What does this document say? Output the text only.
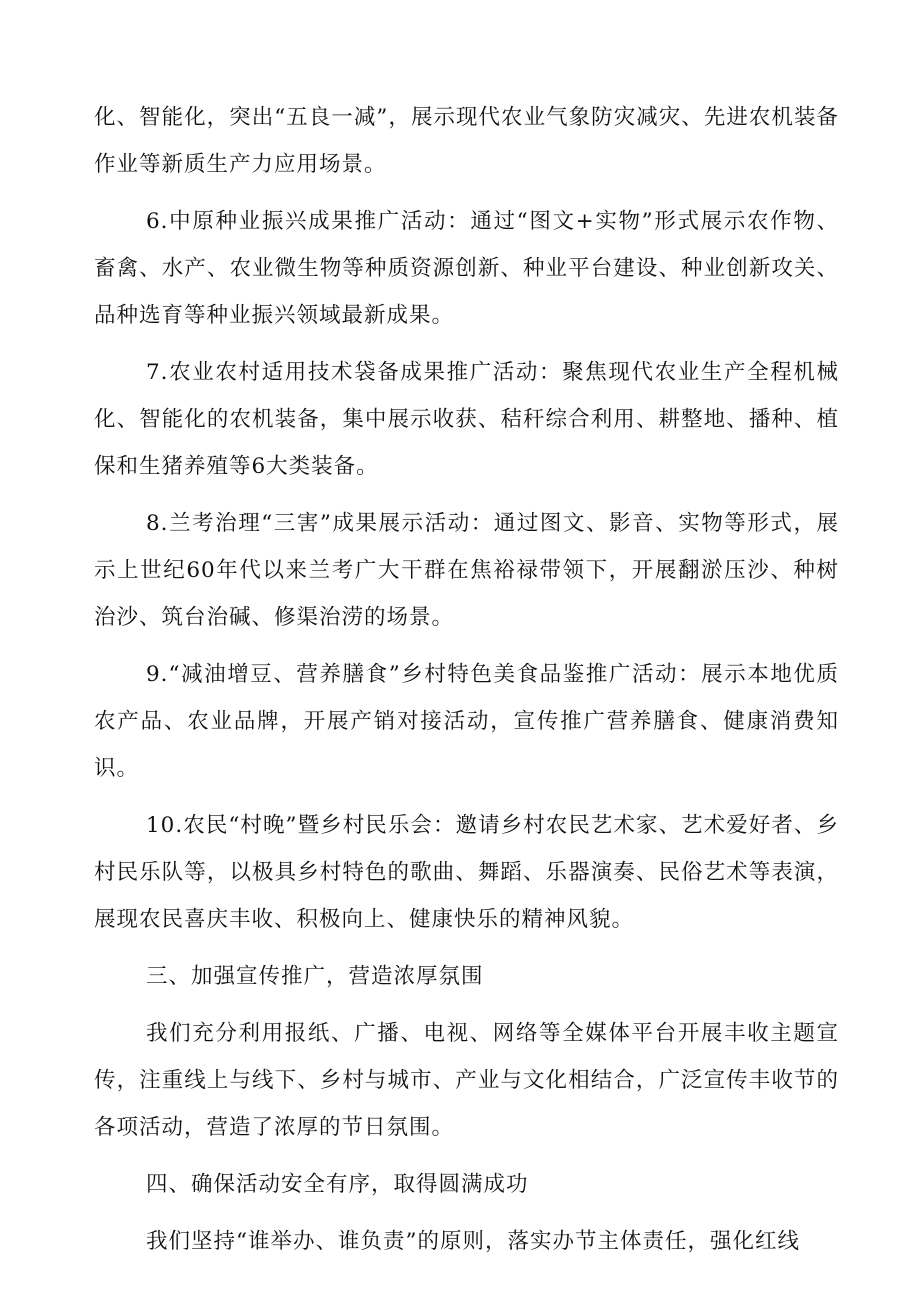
化、智能化，突出“五良一减”，展示现代农业气象防灾减灾、先进农机装备作业等新质生产力应用场景。

6.中原种业振兴成果推广活动：通过“图文+实物”形式展示农作物、畜禽、水产、农业微生物等种质资源创新、种业平台建设、种业创新攻关、品种选育等种业振兴领域最新成果。

7.农业农村适用技术袋备成果推广活动：聚焦现代农业生产全程机械化、智能化的农机装备，集中展示收获、秸秆综合利用、耕整地、播种、植保和生猪养殖等6大类装备。

8.兰考治理“三害”成果展示活动：通过图文、影音、实物等形式，展示上世纪60年代以来兰考广大干群在焦裕禄带领下，开展翻淤压沙、种树治沙、筑台治碱、修渠治涝的场景。

9.“减油增豆、营养膳食”乡村特色美食品鉴推广活动：展示本地优质农产品、农业品牌，开展产销对接活动，宣传推广营养膳食、健康消费知识。

10.农民“村晚”暨乡村民乐会：邀请乡村农民艺术家、艺术爱好者、乡村民乐队等，以极具乡村特色的歌曲、舞蹈、乐器演奏、民俗艺术等表演，展现农民喜庆丰收、积极向上、健康快乐的精神风貌。

三、加强宣传推广，营造浓厚氛围

我们充分利用报纸、广播、电视、网络等全媒体平台开展丰收主题宣传，注重线上与线下、乡村与城市、产业与文化相结合，广泛宣传丰收节的各项活动，营造了浓厚的节日氛围。

四、确保活动安全有序，取得圆满成功

我们坚持“谁举办、谁负责”的原则，落实办节主体责任，强化红线
